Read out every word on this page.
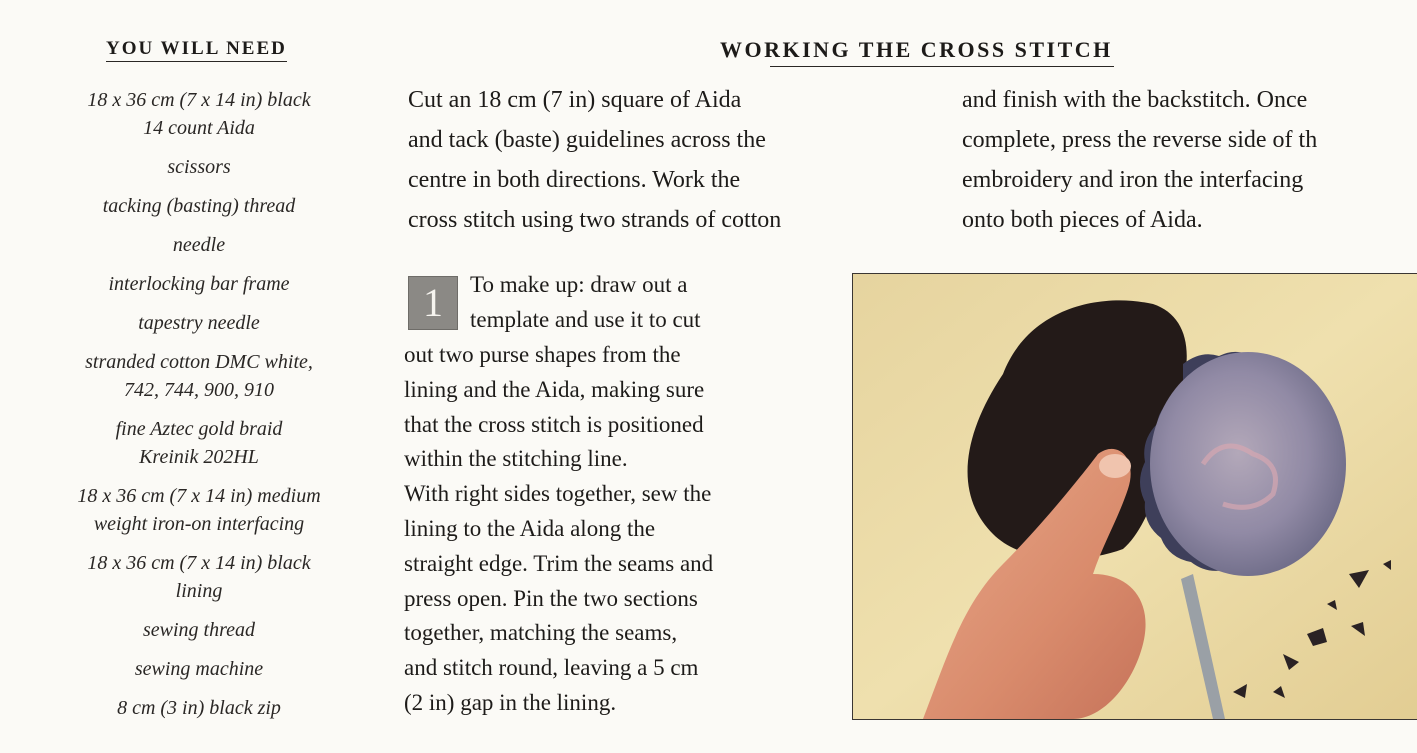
YOU WILL NEED
18 x 36 cm (7 x 14 in) black
14 count Aida
scissors
tacking (basting) thread
needle
interlocking bar frame
tapestry needle
stranded cotton DMC white,
742, 744, 900, 910
fine Aztec gold braid
Kreinik 202HL
18 x 36 cm (7 x 14 in) medium
weight iron-on interfacing
18 x 36 cm (7 x 14 in) black
lining
sewing thread
sewing machine
8 cm (3 in) black zip
WORKING THE CROSS STITCH

Cut an 18 cm (7 in) square of Aida
and tack (baste) guidelines across the
centre in both directions. Work the
cross stitch using two strands of cotton

and finish with the backstitch. Once
complete, press the reverse side of th
embroidery and iron the interfacing
onto both pieces of Aida.

1	To make up: draw out a
template and use it to cut

out two purse shapes from the
lining and the Aida, making sure
that the cross stitch is positioned
within the stitching line.
With right sides together, sew the
lining to the Aida along the
straight edge. Trim the seams and
press open. Pin the two sections
together, matching the seams,
and stitch round, leaving a 5 cm
(2 in) gap in the lining.
